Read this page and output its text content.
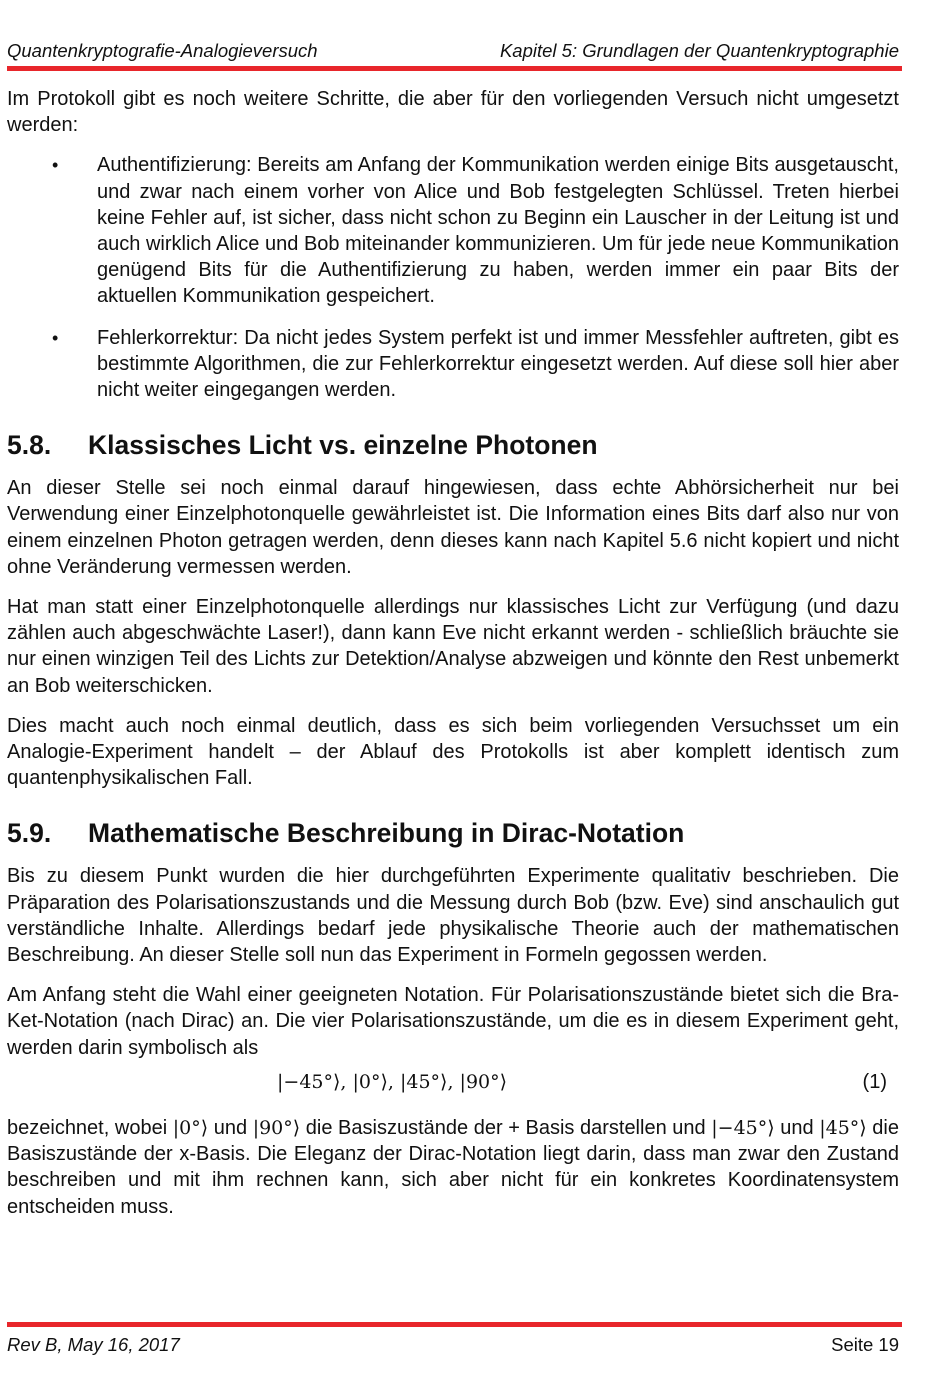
Quantenkryptografie-Analogieversuch	Kapitel 5: Grundlagen der Quantenkryptographie

Im Protokoll gibt es noch weitere Schritte, die aber für den vorliegenden Versuch nicht umgesetzt werden:

• Authentifizierung: Bereits am Anfang der Kommunikation werden einige Bits ausgetauscht, und zwar nach einem vorher von Alice und Bob festgelegten Schlüssel. Treten hierbei keine Fehler auf, ist sicher, dass nicht schon zu Beginn ein Lauscher in der Leitung ist und auch wirklich Alice und Bob miteinander kommunizieren. Um für jede neue Kommunikation genügend Bits für die Authentifizierung zu haben, werden immer ein paar Bits der aktuellen Kommunikation gespeichert.
• Fehlerkorrektur: Da nicht jedes System perfekt ist und immer Messfehler auftreten, gibt es bestimmte Algorithmen, die zur Fehlerkorrektur eingesetzt werden. Auf diese soll hier aber nicht weiter eingegangen werden.
5.8. Klassisches Licht vs. einzelne Photonen

An dieser Stelle sei noch einmal darauf hingewiesen, dass echte Abhörsicherheit nur bei Verwendung einer Einzelphotonquelle gewährleistet ist. Die Information eines Bits darf also nur von einem einzelnen Photon getragen werden, denn dieses kann nach Kapitel 5.6 nicht kopiert und nicht ohne Veränderung vermessen werden.

Hat man statt einer Einzelphotonquelle allerdings nur klassisches Licht zur Verfügung (und dazu zählen auch abgeschwächte Laser!), dann kann Eve nicht erkannt werden - schließlich bräuchte sie nur einen winzigen Teil des Lichts zur Detektion/Analyse abzweigen und könnte den Rest unbemerkt an Bob weiterschicken.

Dies macht auch noch einmal deutlich, dass es sich beim vorliegenden Versuchsset um ein Analogie-Experiment handelt – der Ablauf des Protokolls ist aber komplett identisch zum quantenphysikalischen Fall.

5.9. Mathematische Beschreibung in Dirac-Notation

Bis zu diesem Punkt wurden die hier durchgeführten Experimente qualitativ beschrieben. Die Präparation des Polarisationszustands und die Messung durch Bob (bzw. Eve) sind anschaulich gut verständliche Inhalte. Allerdings bedarf jede physikalische Theorie auch der mathematischen Beschreibung. An dieser Stelle soll nun das Experiment in Formeln gegossen werden.

Am Anfang steht die Wahl einer geeigneten Notation. Für Polarisationszustände bietet sich die Bra-Ket-Notation (nach Dirac) an. Die vier Polarisationszustände, um die es in diesem Experiment geht, werden darin symbolisch als

|−45°⟩, |0°⟩, |45°⟩, |90°⟩	(1)

bezeichnet, wobei |0°⟩ und |90°⟩ die Basiszustände der + Basis darstellen und |−45°⟩ und |45°⟩ die Basiszustände der x-Basis. Die Eleganz der Dirac-Notation liegt darin, dass man zwar den Zustand beschreiben und mit ihm rechnen kann, sich aber nicht für ein konkretes Koordinatensystem entscheiden muss.

Rev B, May 16, 2017	Seite 19
